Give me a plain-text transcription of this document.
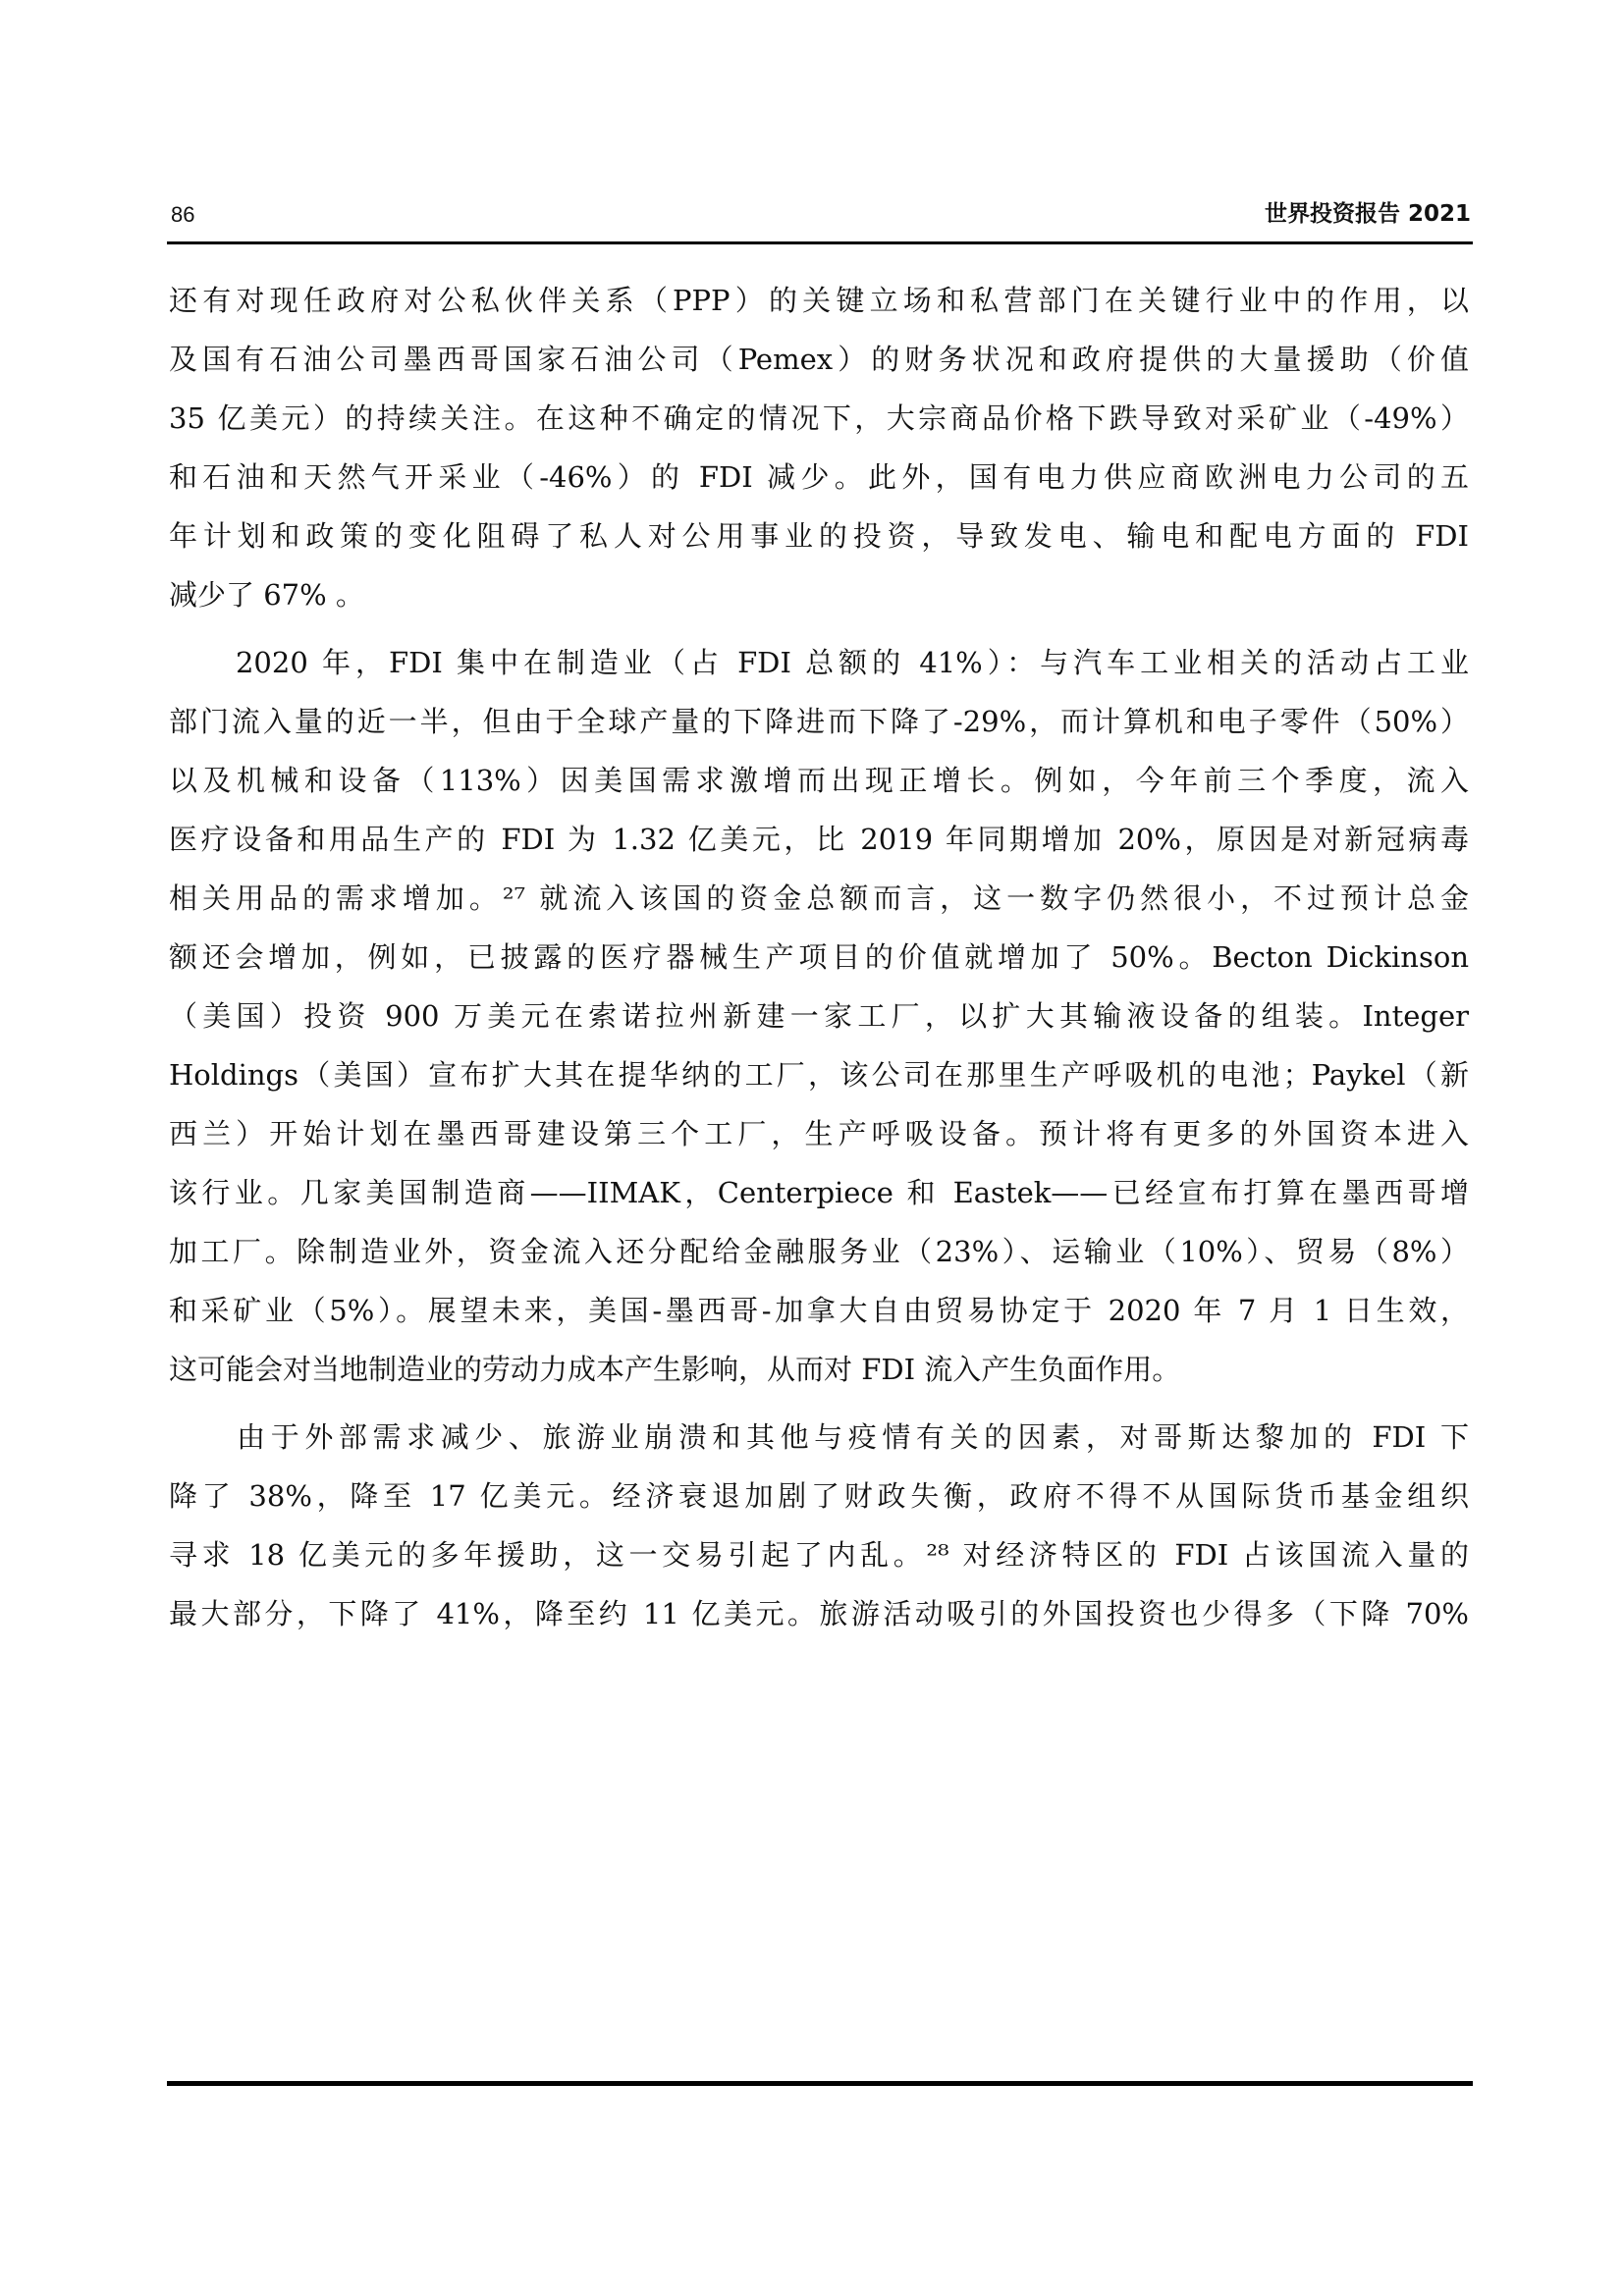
86	世界投资报告 2021

还有对现任政府对公私伙伴关系（PPP）的关键立场和私营部门在关键行业中的作用，以
及国有石油公司墨西哥国家石油公司（Pemex）的财务状况和政府提供的大量援助（价值
35 亿美元）的持续关注。在这种不确定的情况下，大宗商品价格下跌导致对采矿业（-49%）
和石油和天然气开采业（-46%）的 FDI 减少。此外，国有电力供应商欧洲电力公司的五
年计划和政策的变化阻碍了私人对公用事业的投资，导致发电、输电和配电方面的 FDI
减少了 67% 。

　　2020 年，FDI 集中在制造业（占 FDI 总额的 41%）：与汽车工业相关的活动占工业
部门流入量的近一半，但由于全球产量的下降进而下降了-29%，而计算机和电子零件（50%）
以及机械和设备（113%）因美国需求激增而出现正增长。例如，今年前三个季度，流入
医疗设备和用品生产的 FDI 为 1.32 亿美元，比 2019 年同期增加 20%，原因是对新冠病毒
相关用品的需求增加。²⁷ 就流入该国的资金总额而言，这一数字仍然很小，不过预计总金
额还会增加，例如，已披露的医疗器械生产项目的价值就增加了 50%。Becton Dickinson
（美国）投资 900 万美元在索诺拉州新建一家工厂，以扩大其输液设备的组装。Integer
Holdings（美国）宣布扩大其在提华纳的工厂，该公司在那里生产呼吸机的电池；Paykel（新
西兰）开始计划在墨西哥建设第三个工厂，生产呼吸设备。预计将有更多的外国资本进入
该行业。几家美国制造商——IIMAK，Centerpiece 和 Eastek——已经宣布打算在墨西哥增
加工厂。除制造业外，资金流入还分配给金融服务业（23%）、运输业（10%）、贸易（8%）
和采矿业（5%）。展望未来，美国-墨西哥-加拿大自由贸易协定于 2020 年 7 月 1 日生效，
这可能会对当地制造业的劳动力成本产生影响，从而对 FDI 流入产生负面作用。

　　由于外部需求减少、旅游业崩溃和其他与疫情有关的因素，对哥斯达黎加的 FDI 下
降了 38%，降至 17 亿美元。经济衰退加剧了财政失衡，政府不得不从国际货币基金组织
寻求 18 亿美元的多年援助，这一交易引起了内乱。²⁸ 对经济特区的 FDI 占该国流入量的
最大部分，下降了 41%，降至约 11 亿美元。旅游活动吸引的外国投资也少得多（下降 70%
